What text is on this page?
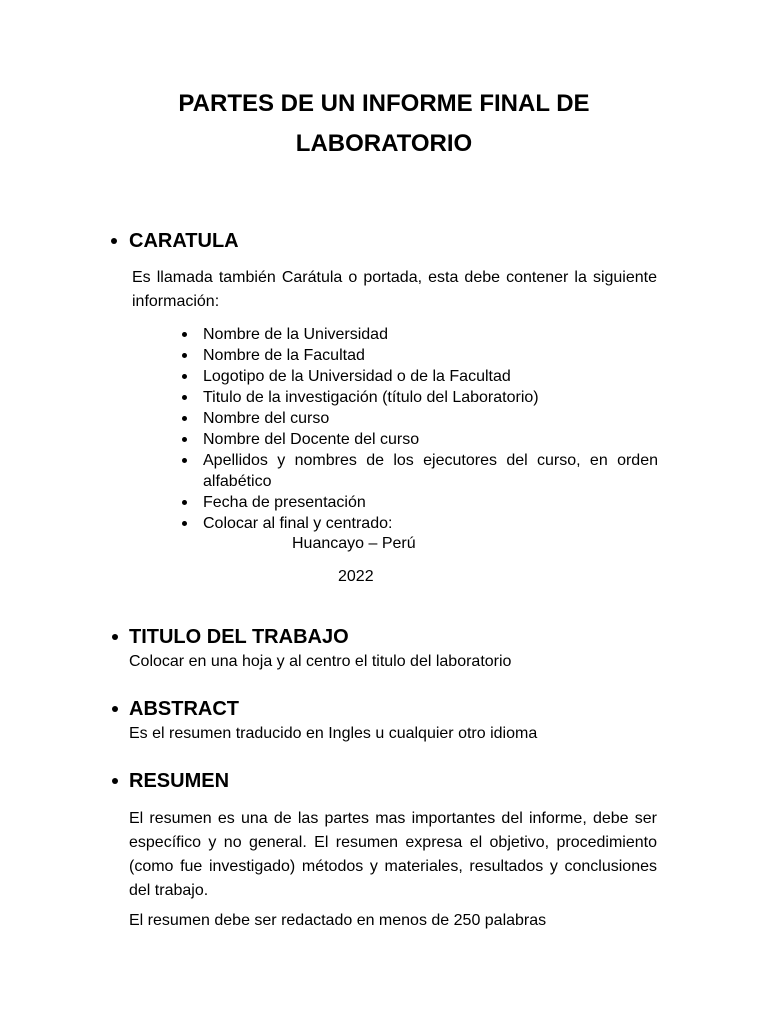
PARTES DE UN INFORME FINAL DE
LABORATORIO
CARATULA

Es llamada también Carátula o portada, esta debe contener la siguiente información:

Nombre de la Universidad
Nombre de la Facultad
Logotipo de la Universidad o de la Facultad
Titulo de la investigación (título del Laboratorio)
Nombre del curso
Nombre del Docente del curso
Apellidos y nombres de los ejecutores del curso, en orden alfabético
Fecha de presentación
Colocar al final y centrado:
Huancayo – Perú
2022
TITULO DEL TRABAJO

Colocar en una hoja y al centro el titulo del laboratorio

ABSTRACT

Es el resumen traducido en Ingles u cualquier otro idioma

RESUMEN

El resumen es una de las partes mas importantes del informe, debe ser específico y no general. El resumen expresa el objetivo, procedimiento (como fue investigado) métodos y materiales, resultados y conclusiones del trabajo.

El resumen debe ser redactado en menos de 250 palabras
